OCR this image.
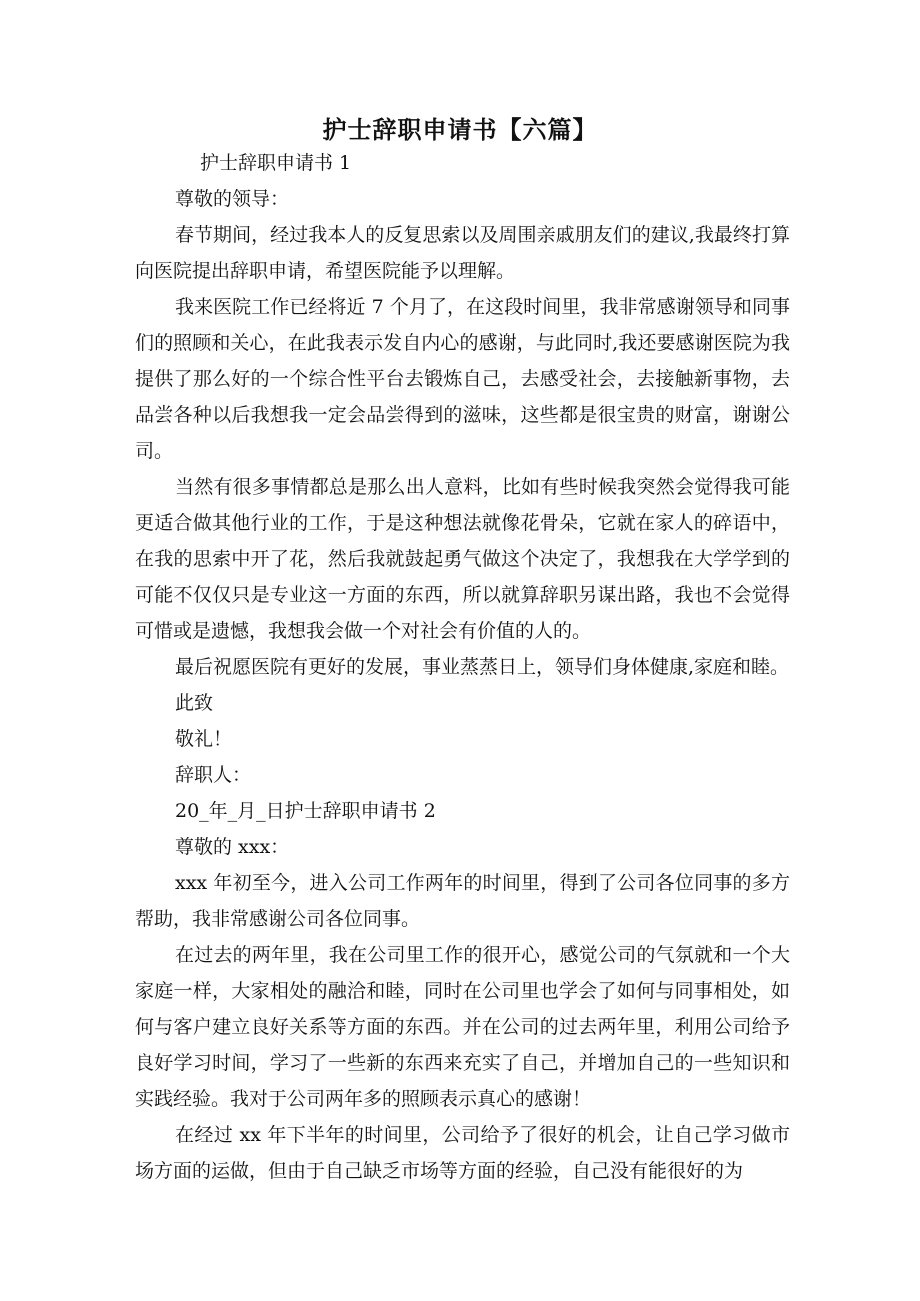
护士辞职申请书【六篇】

护士辞职申请书 1

尊敬的领导：

春节期间，经过我本人的反复思索以及周围亲戚朋友们的建议,我最终打算向医院提出辞职申请，希望医院能予以理解。

我来医院工作已经将近 7 个月了，在这段时间里，我非常感谢领导和同事们的照顾和关心，在此我表示发自内心的感谢，与此同时,我还要感谢医院为我提供了那么好的一个综合性平台去锻炼自己，去感受社会，去接触新事物，去品尝各种以后我想我一定会品尝得到的滋味，这些都是很宝贵的财富，谢谢公司。

当然有很多事情都总是那么出人意料，比如有些时候我突然会觉得我可能更适合做其他行业的工作，于是这种想法就像花骨朵，它就在家人的碎语中，在我的思索中开了花，然后我就鼓起勇气做这个决定了，我想我在大学学到的可能不仅仅只是专业这一方面的东西，所以就算辞职另谋出路，我也不会觉得可惜或是遗憾，我想我会做一个对社会有价值的人的。

最后祝愿医院有更好的发展，事业蒸蒸日上，领导们身体健康,家庭和睦。

此致

敬礼！

辞职人：

20_年_月_日护士辞职申请书 2

尊敬的 xxx：

xxx 年初至今，进入公司工作两年的时间里，得到了公司各位同事的多方帮助，我非常感谢公司各位同事。

在过去的两年里，我在公司里工作的很开心，感觉公司的气氛就和一个大家庭一样，大家相处的融洽和睦，同时在公司里也学会了如何与同事相处，如何与客户建立良好关系等方面的东西。并在公司的过去两年里，利用公司给予良好学习时间，学习了一些新的东西来充实了自己，并增加自己的一些知识和实践经验。我对于公司两年多的照顾表示真心的感谢！

在经过 xx 年下半年的时间里，公司给予了很好的机会，让自己学习做市场方面的运做，但由于自己缺乏市场等方面的经验，自己没有能很好的为
